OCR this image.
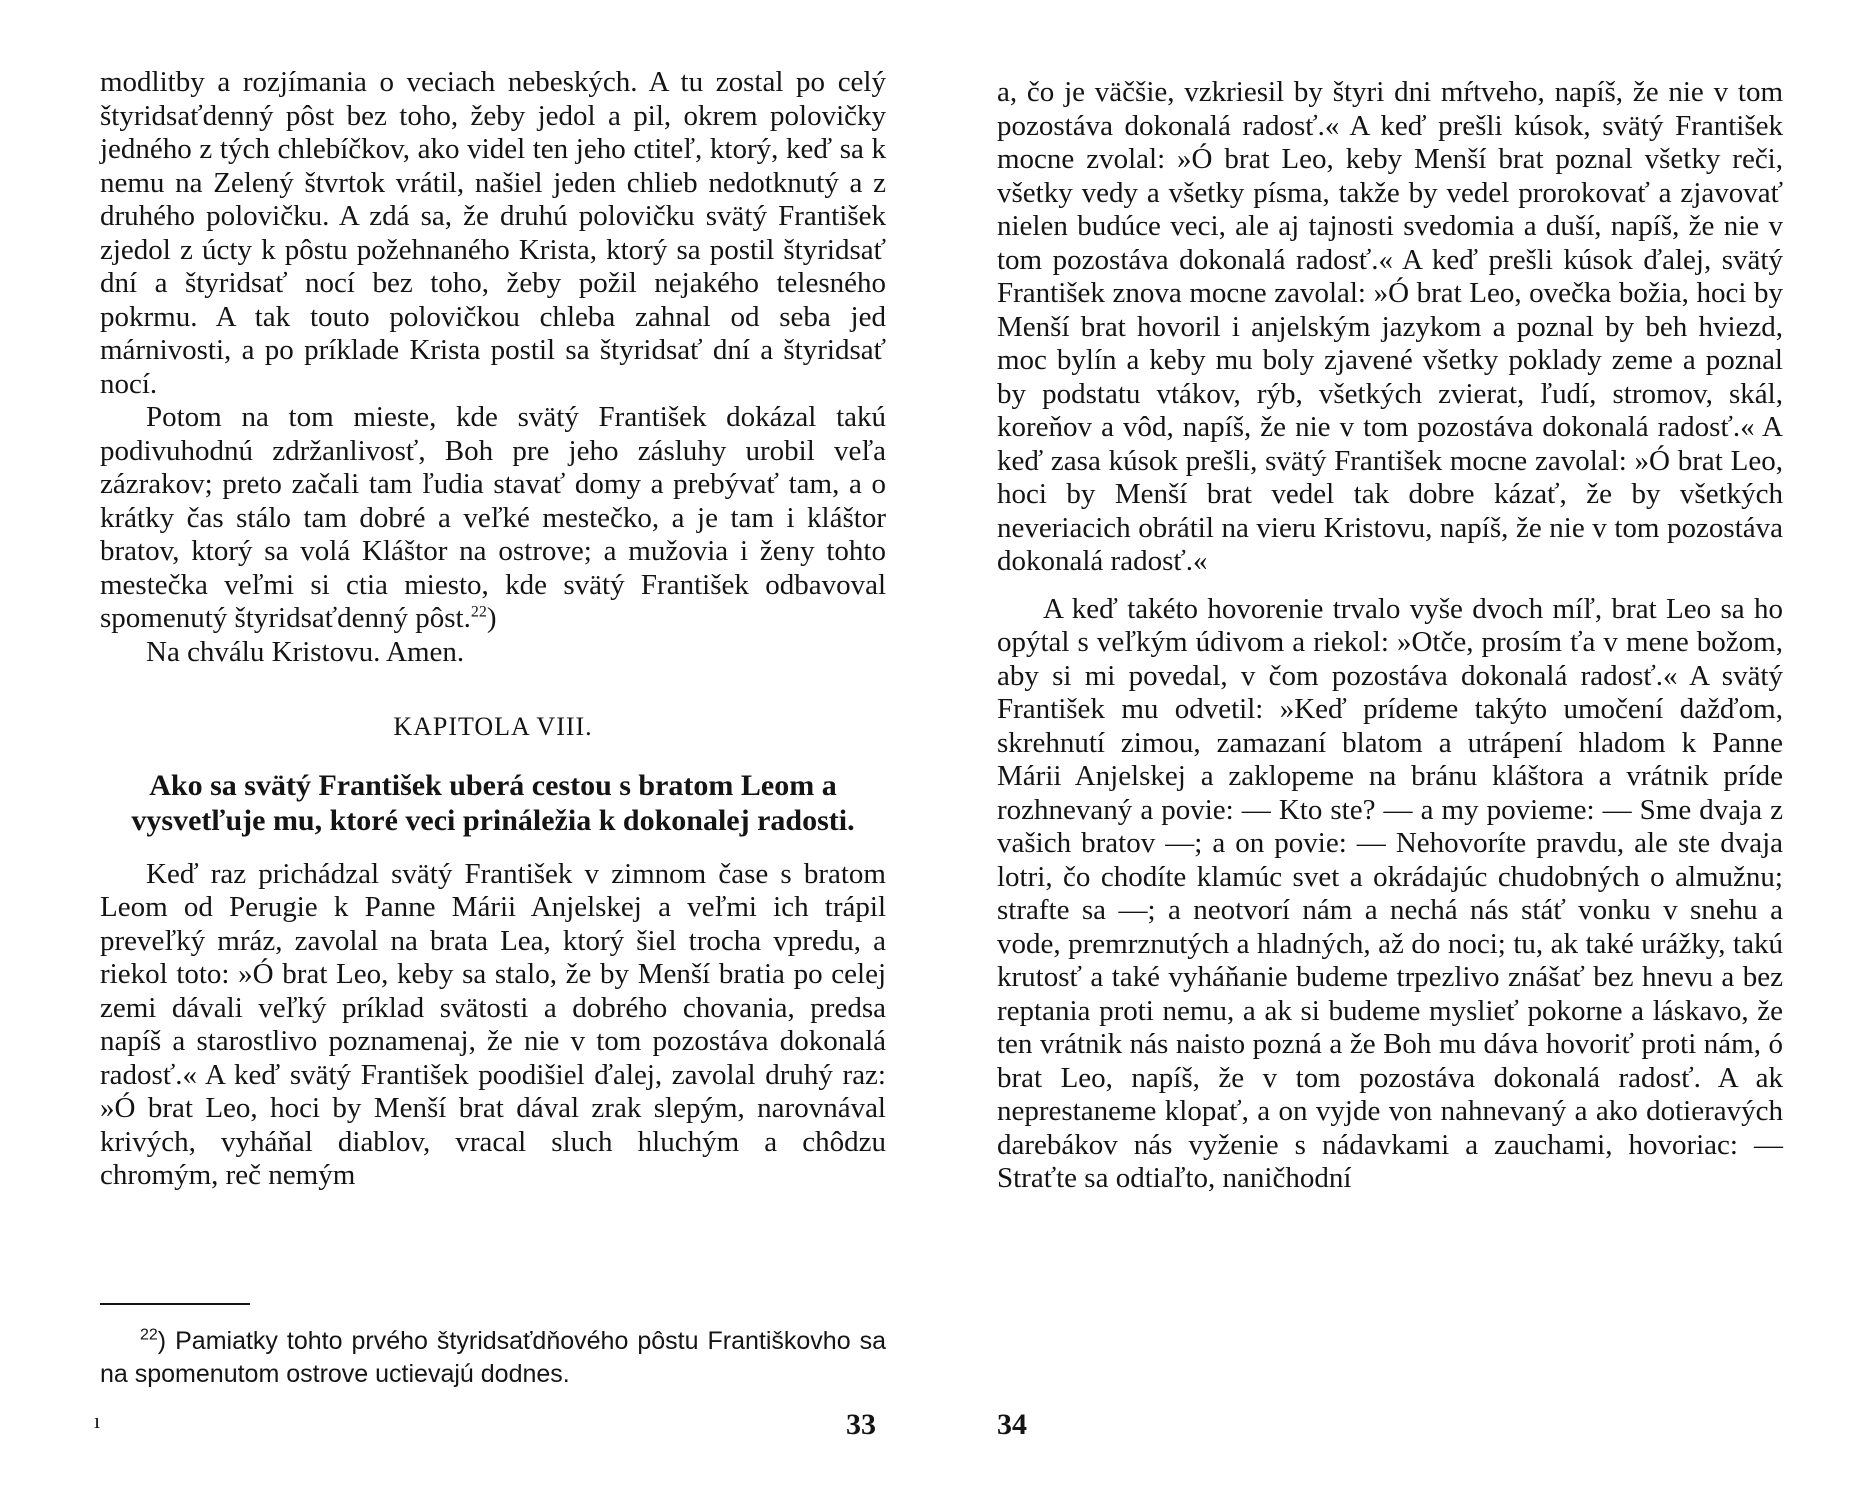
modlitby a rozjímania o veciach nebeských. A tu zostal po celý štyridsaťdenný pôst bez toho, žeby jedol a pil, okrem polovičky jedného z tých chlebíčkov, ako videl ten jeho ctiteľ, ktorý, keď sa k nemu na Zelený štvrtok vrátil, našiel jeden chlieb nedotknutý a z druhého polovičku. A zdá sa, že druhú polovičku svätý František zjedol z úcty k pôstu požehnaného Krista, ktorý sa postil štyridsať dní a štyridsať nocí bez toho, žeby požil nejakého telesného pokrmu. A tak touto polovičkou chleba zahnal od seba jed márnivosti, a po príklade Krista postil sa štyridsať dní a štyridsať nocí.

Potom na tom mieste, kde svätý František dokázal takú podivuhodnú zdržanlivosť, Boh pre jeho zásluhy urobil veľa zázrakov; preto začali tam ľudia stavať domy a prebývať tam, a o krátky čas stálo tam dobré a veľké mestečko, a je tam i kláštor bratov, ktorý sa volá Kláštor na ostrove; a mužovia i ženy tohto mestečka veľmi si ctia miesto, kde svätý František odbavoval spomenutý štyridsaťdenný pôst.$^{22}$)

Na chválu Kristovu. Amen.

KAPITOLA VIII.
Ako sa svätý František uberá cestou s bratom Leom a vysvetľuje mu, ktoré veci prináležia k dokonalej radosti.

Keď raz prichádzal svätý František v zimnom čase s bratom Leom od Perugie k Panne Márii Anjelskej a veľmi ich trápil preveľký mráz, zavolal na brata Lea, ktorý šiel trocha vpredu, a riekol toto: »Ó brat Leo, keby sa stalo, že by Menší bratia po celej zemi dávali veľký príklad svätosti a dobrého chovania, predsa napíš a starostlivo poznamenaj, že nie v tom pozostáva dokonalá radosť.« A keď svätý František poodišiel ďalej, zavolal druhý raz: »Ó brat Leo, hoci by Menší brat dával zrak slepým, narovnával krivých, vyháňal diablov, vracal sluch hluchým a chôdzu chromým, reč nemým

$^{22}$) Pamiatky tohto prvého štyridsaťdňového pôstu Františkovho sa na spomenutom ostrove uctievajú dodnes.
ı	33

a, čo je väčšie, vzkriesil by štyri dni mŕtveho, napíš, že nie v tom pozostáva dokonalá radosť.« A keď prešli kúsok, svätý František mocne zvolal: »Ó brat Leo, keby Menší brat poznal všetky reči, všetky vedy a všetky písma, takže by vedel prorokovať a zjavovať nielen budúce veci, ale aj tajnosti svedomia a duší, napíš, že nie v tom pozostáva dokonalá radosť.« A keď prešli kúsok ďalej, svätý František znova mocne zavolal: »Ó brat Leo, ovečka božia, hoci by Menší brat hovoril i anjelským jazykom a poznal by beh hviezd, moc bylín a keby mu boly zjavené všetky poklady zeme a poznal by podstatu vtákov, rýb, všetkých zvierat, ľudí, stromov, skál, koreňov a vôd, napíš, že nie v tom pozostáva dokonalá radosť.« A keď zasa kúsok prešli, svätý František mocne zavolal: »Ó brat Leo, hoci by Menší brat vedel tak dobre kázať, že by všetkých neveriacich obrátil na vieru Kristovu, napíš, že nie v tom pozostáva dokonalá radosť.«

A keď takéto hovorenie trvalo vyše dvoch míľ, brat Leo sa ho opýtal s veľkým údivom a riekol: »Otče, prosím ťa v mene božom, aby si mi povedal, v čom pozostáva dokonalá radosť.« A svätý František mu odvetil: »Keď prídeme takýto umočení dažďom, skrehnutí zimou, zamazaní blatom a utrápení hladom k Panne Márii Anjelskej a zaklopeme na bránu kláštora a vrátnik príde rozhnevaný a povie: — Kto ste? — a my povieme: — Sme dvaja z vašich bratov —; a on povie: — Nehovoríte pravdu, ale ste dvaja lotri, čo chodíte klamúc svet a okrádajúc chudobných o almužnu; strafte sa —; a neotvorí nám a nechá nás stáť vonku v snehu a vode, premrznutých a hladných, až do noci; tu, ak také urážky, takú krutosť a také vyháňanie budeme trpezlivo znášať bez hnevu a bez reptania proti nemu, a ak si budeme myslieť pokorne a láskavo, že ten vrátnik nás naisto pozná a že Boh mu dáva hovoriť proti nám, ó brat Leo, napíš, že v tom pozostáva dokonalá radosť. A ak neprestaneme klopať, a on vyjde von nahnevaný a ako dotieravých darebákov nás vyženie s nádavkami a zauchami, hovoriac: — Straťte sa odtiaľto, naničhodní

34
